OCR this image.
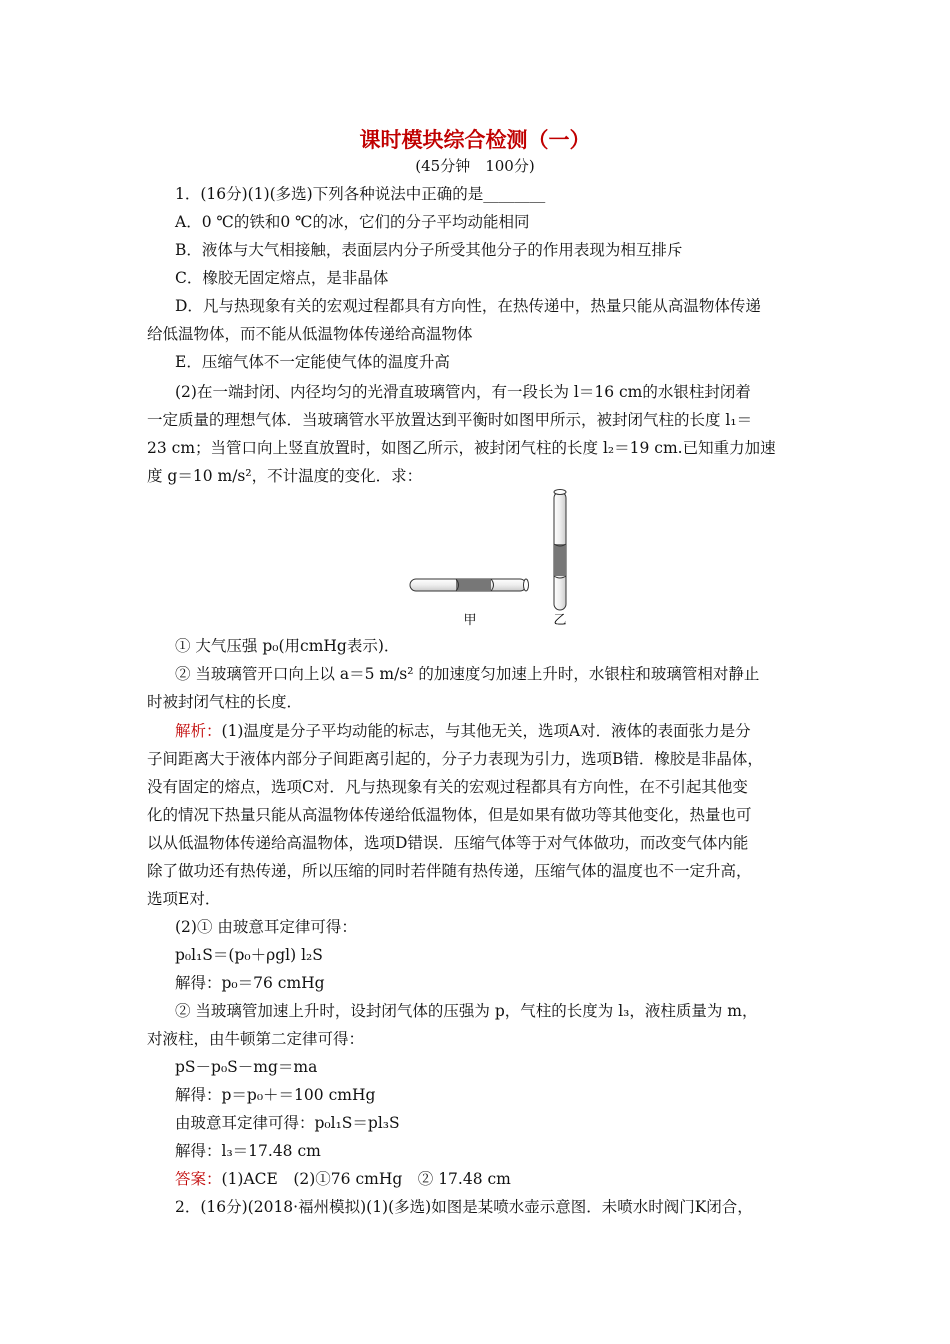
课时模块综合检测（一）
(45分钟　100分)
1．(16分)(1)(多选)下列各种说法中正确的是________
A．0 ℃的铁和0 ℃的冰，它们的分子平均动能相同
B．液体与大气相接触，表面层内分子所受其他分子的作用表现为相互排斥
C．橡胶无固定熔点，是非晶体
D．凡与热现象有关的宏观过程都具有方向性，在热传递中，热量只能从高温物体传递
给低温物体，而不能从低温物体传递给高温物体
E．压缩气体不一定能使气体的温度升高
(2)在一端封闭、内径均匀的光滑直玻璃管内，有一段长为 l＝16 cm的水银柱封闭着
一定质量的理想气体．当玻璃管水平放置达到平衡时如图甲所示，被封闭气柱的长度 l₁＝
23 cm；当管口向上竖直放置时，如图乙所示，被封闭气柱的长度 l₂＝19 cm.已知重力加速
度 g＝10 m/s²，不计温度的变化．求：
甲	乙
① 大气压强 p₀(用cmHg表示)．
② 当玻璃管开口向上以 a＝5 m/s² 的加速度匀加速上升时，水银柱和玻璃管相对静止
时被封闭气柱的长度．
解析：(1)温度是分子平均动能的标志，与其他无关，选项A对．液体的表面张力是分
子间距离大于液体内部分子间距离引起的，分子力表现为引力，选项B错．橡胶是非晶体，
没有固定的熔点，选项C对．凡与热现象有关的宏观过程都具有方向性，在不引起其他变
化的情况下热量只能从高温物体传递给低温物体，但是如果有做功等其他变化，热量也可
以从低温物体传递给高温物体，选项D错误．压缩气体等于对气体做功，而改变气体内能
除了做功还有热传递，所以压缩的同时若伴随有热传递，压缩气体的温度也不一定升高，
选项E对．
(2)① 由玻意耳定律可得：
p₀l₁S＝(p₀＋ρgl) l₂S
解得：p₀＝76 cmHg
② 当玻璃管加速上升时，设封闭气体的压强为 p，气柱的长度为 l₃，液柱质量为 m，
对液柱，由牛顿第二定律可得：
pS－p₀S－mg＝ma
解得：p＝p₀＋＝100 cmHg
由玻意耳定律可得：p₀l₁S＝pl₃S
解得：l₃＝17.48 cm
答案：(1)ACE　(2)①76 cmHg　② 17.48 cm
2．(16分)(2018·福州模拟)(1)(多选)如图是某喷水壶示意图．未喷水时阀门K闭合，
